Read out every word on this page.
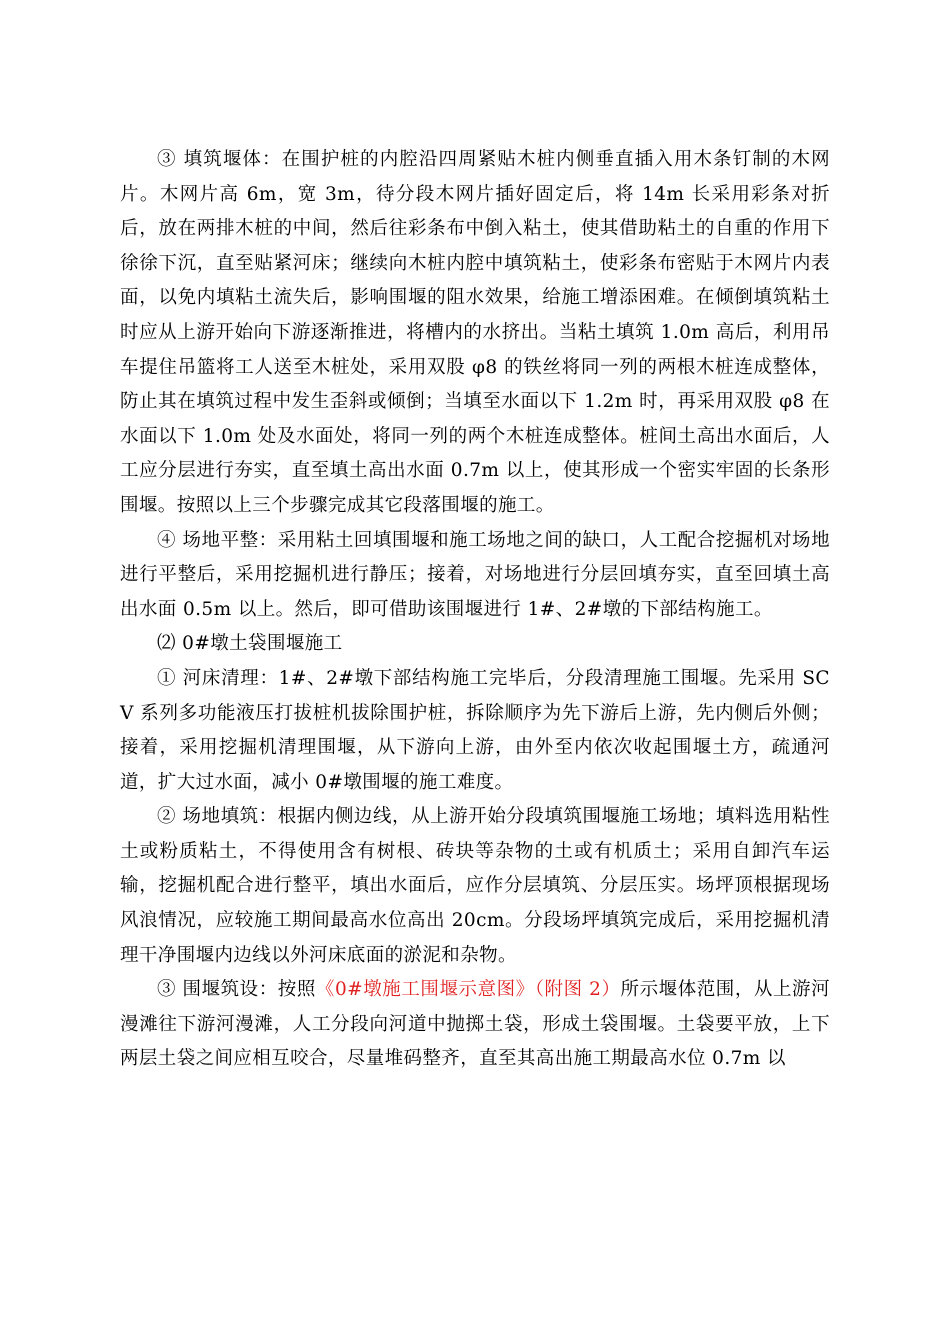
③ 填筑堰体：在围护桩的内腔沿四周紧贴木桩内侧垂直插入用木条钉制的木网片。木网片高 6m，宽 3m，待分段木网片插好固定后，将 14m 长采用彩条对折后，放在两排木桩的中间，然后往彩条布中倒入粘土，使其借助粘土的自重的作用下徐徐下沉，直至贴紧河床；继续向木桩内腔中填筑粘土，使彩条布密贴于木网片内表面，以免内填粘土流失后，影响围堰的阻水效果，给施工增添困难。在倾倒填筑粘土时应从上游开始向下游逐渐推进，将槽内的水挤出。当粘土填筑 1.0m 高后，利用吊车提住吊篮将工人送至木桩处，采用双股 φ8 的铁丝将同一列的两根木桩连成整体，防止其在填筑过程中发生歪斜或倾倒；当填至水面以下 1.2m 时，再采用双股 φ8 在水面以下 1.0m 处及水面处，将同一列的两个木桩连成整体。桩间土高出水面后，人工应分层进行夯实，直至填土高出水面 0.7m 以上，使其形成一个密实牢固的长条形围堰。按照以上三个步骤完成其它段落围堰的施工。

④ 场地平整：采用粘土回填围堰和施工场地之间的缺口，人工配合挖掘机对场地进行平整后，采用挖掘机进行静压；接着，对场地进行分层回填夯实，直至回填土高出水面 0.5m 以上。然后，即可借助该围堰进行 1#、2#墩的下部结构施工。

⑵ 0#墩土袋围堰施工

① 河床清理：1#、2#墩下部结构施工完毕后，分段清理施工围堰。先采用 SCV 系列多功能液压打拔桩机拔除围护桩，拆除顺序为先下游后上游，先内侧后外侧；接着，采用挖掘机清理围堰，从下游向上游，由外至内依次收起围堰土方，疏通河道，扩大过水面，减小 0#墩围堰的施工难度。

② 场地填筑：根据内侧边线，从上游开始分段填筑围堰施工场地；填料选用粘性土或粉质粘土，不得使用含有树根、砖块等杂物的土或有机质土；采用自卸汽车运输，挖掘机配合进行整平，填出水面后，应作分层填筑、分层压实。场坪顶根据现场风浪情况，应较施工期间最高水位高出 20cm。分段场坪填筑完成后，采用挖掘机清理干净围堰内边线以外河床底面的淤泥和杂物。

③ 围堰筑设：按照《0#墩施工围堰示意图》（附图 2）所示堰体范围，从上游河漫滩往下游河漫滩，人工分段向河道中抛掷土袋，形成土袋围堰。土袋要平放，上下两层土袋之间应相互咬合，尽量堆码整齐，直至其高出施工期最高水位 0.7m 以
